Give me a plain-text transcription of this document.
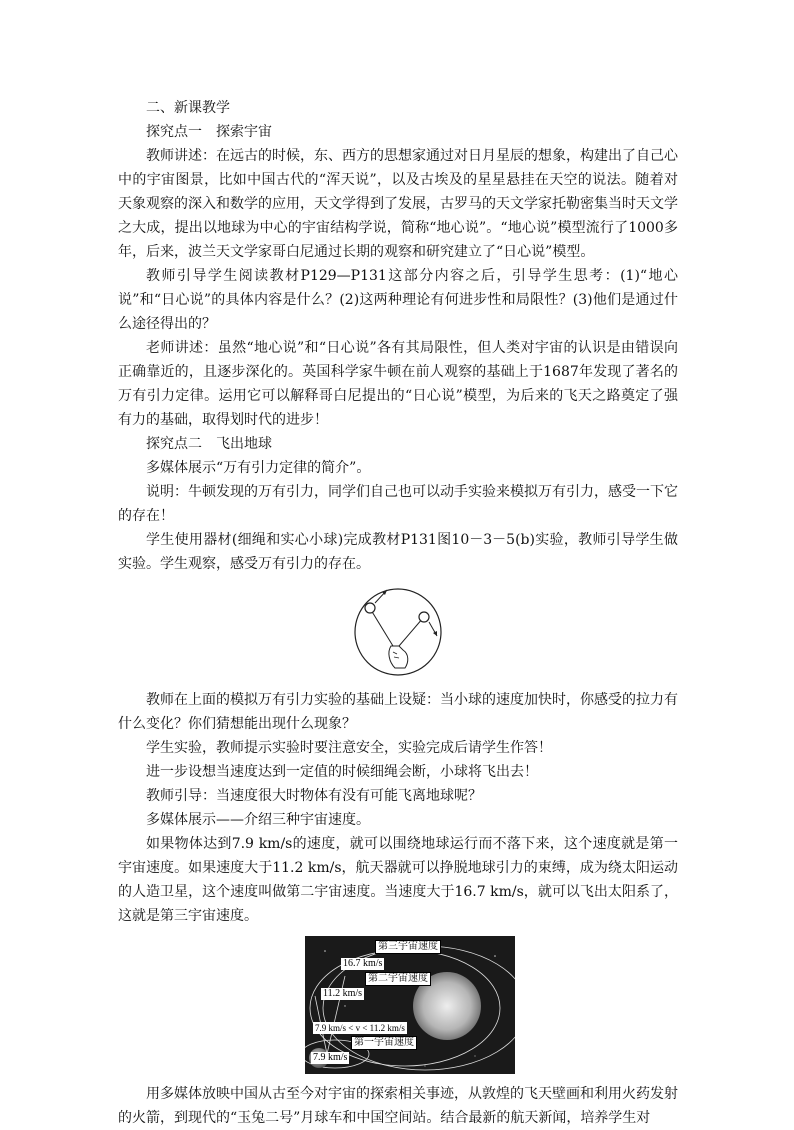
二、新课教学

探究点一　探索宇宙

教师讲述：在远古的时候，东、西方的思想家通过对日月星辰的想象，构建出了自己心中的宇宙图景，比如中国古代的“浑天说”，以及古埃及的星星悬挂在天空的说法。随着对天象观察的深入和数学的应用，天文学得到了发展，古罗马的天文学家托勒密集当时天文学之大成，提出以地球为中心的宇宙结构学说，简称“地心说”。“地心说”模型流行了1000多年，后来，波兰天文学家哥白尼通过长期的观察和研究建立了“日心说”模型。

教师引导学生阅读教材P129—P131这部分内容之后，引导学生思考：(1)“地心说”和“日心说”的具体内容是什么？(2)这两种理论有何进步性和局限性？(3)他们是通过什么途径得出的？

老师讲述：虽然“地心说”和“日心说”各有其局限性，但人类对宇宙的认识是由错误向正确靠近的，且逐步深化的。英国科学家牛顿在前人观察的基础上于1687年发现了著名的万有引力定律。运用它可以解释哥白尼提出的“日心说”模型，为后来的飞天之路奠定了强有力的基础，取得划时代的进步！

探究点二　飞出地球

多媒体展示“万有引力定律的简介”。

说明：牛顿发现的万有引力，同学们自己也可以动手实验来模拟万有引力，感受一下它的存在！

学生使用器材(细绳和实心小球)完成教材P131图10－3－5(b)实验，教师引导学生做实验。学生观察，感受万有引力的存在。

教师在上面的模拟万有引力实验的基础上设疑：当小球的速度加快时，你感受的拉力有什么变化？你们猜想能出现什么现象？

学生实验，教师提示实验时要注意安全，实验完成后请学生作答！

进一步设想当速度达到一定值的时候细绳会断，小球将飞出去！

教师引导：当速度很大时物体有没有可能飞离地球呢？

多媒体展示——介绍三种宇宙速度。

如果物体达到7.9 km/s的速度，就可以围绕地球运行而不落下来，这个速度就是第一宇宙速度。如果速度大于11.2 km/s，航天器就可以挣脱地球引力的束缚，成为绕太阳运动的人造卫星，这个速度叫做第二宇宙速度。当速度大于16.7 km/s，就可以飞出太阳系了，这就是第三宇宙速度。

第三宇宙速度
16.7 km/s
第二宇宙速度
11.2 km/s
7.9 km/s < v < 11.2 km/s
第一宇宙速度
7.9 km/s

用多媒体放映中国从古至今对宇宙的探索相关事迹，从敦煌的飞天壁画和利用火药发射的火箭，到现代的“玉兔二号”月球车和中国空间站。结合最新的航天新闻，培养学生对
